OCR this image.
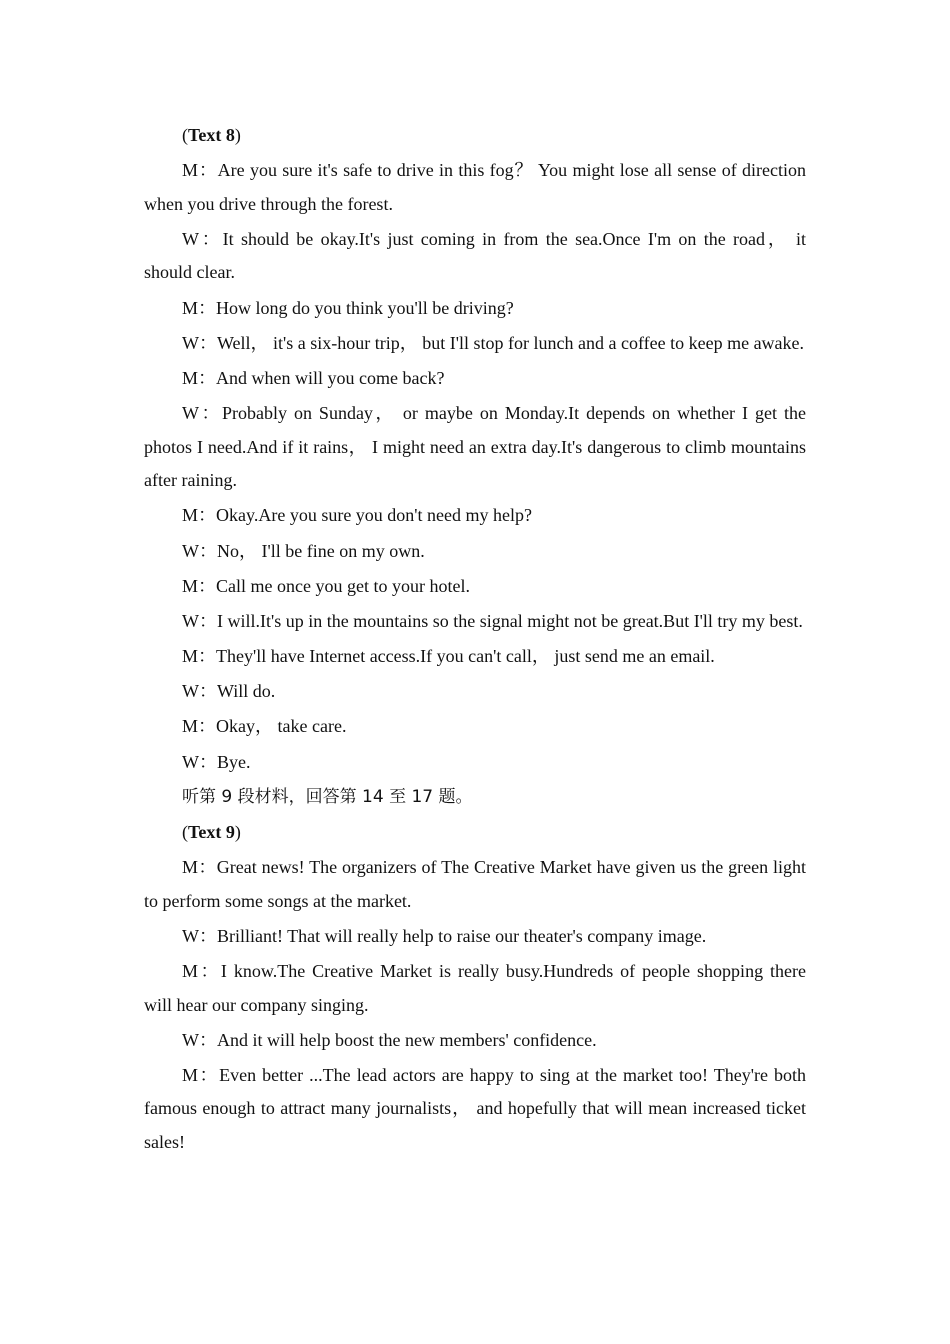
(Text 8)

M：Are you sure it's safe to drive in this fog？ You might lose all sense of direction when you drive through the forest.

W：It should be okay.It's just coming in from the sea.Once I'm on the road， it should clear.

M：How long do you think you'll be driving?

W：Well， it's a six-hour trip， but I'll stop for lunch and a coffee to keep me awake.

M：And when will you come back?

W：Probably on Sunday， or maybe on Monday.It depends on whether I get the photos I need.And if it rains， I might need an extra day.It's dangerous to climb mountains after raining.

M：Okay.Are you sure you don't need my help?

W：No， I'll be fine on my own.

M：Call me once you get to your hotel.

W：I will.It's up in the mountains so the signal might not be great.But I'll try my best.

M：They'll have Internet access.If you can't call， just send me an email.

W：Will do.

M：Okay， take care.

W：Bye.

听第 9 段材料，回答第 14 至 17 题。

(Text 9)

M：Great news! The organizers of The Creative Market have given us the green light to perform some songs at the market.

W：Brilliant! That will really help to raise our theater's company image.

M：I know.The Creative Market is really busy.Hundreds of people shopping there will hear our company singing.

W：And it will help boost the new members' confidence.

M：Even better ...The lead actors are happy to sing at the market too! They're both famous enough to attract many journalists， and hopefully that will mean increased ticket sales!
